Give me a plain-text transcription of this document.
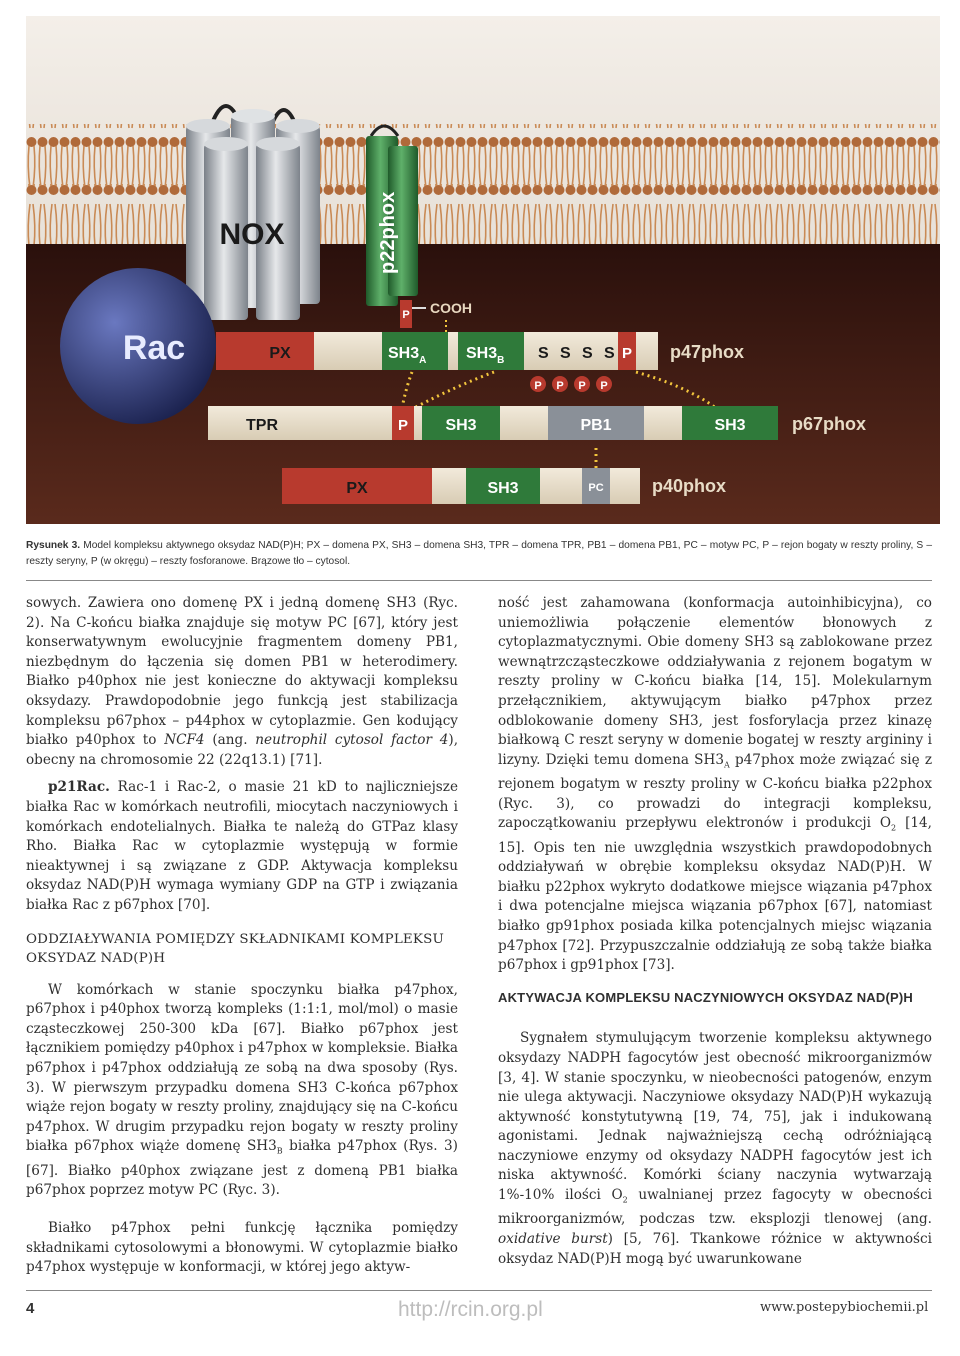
NOX	p22phox
P COOH
Rac	PX	$SH3_A$ $SH3_B$ S S S S P p47phox
P P P P
TPR	P SH3	PB1	SH3	p67phox
PX	SH3	PC	p40phox
Rysunek 3. Model kompleksu aktywnego oksydaz NAD(P)H; PX – domena PX, SH3 – domena SH3, TPR – domena TPR, PB1 – domena PB1, PC – motyw PC, P – rejon bogaty w reszty proliny, S – reszty seryny, P (w okręgu) – reszty fosforanowe. Brązowe tło – cytosol.

sowych. Zawiera ono domenę PX i jedną domenę SH3 (Ryc. 2). Na C-końcu białka znajduje się motyw PC [67], który jest konserwatywnym ewolucyjnie fragmentem domeny PB1, niezbędnym do łączenia się domen PB1 w heterodimery. Białko p40phox nie jest konieczne do aktywacji kompleksu oksydazy. Prawdopodobnie jego funkcją jest stabilizacja kompleksu p67phox – p44phox w cytoplazmie. Gen kodujący białko p40phox to NCF4 (ang. neutrophil cytosol factor 4), obecny na chromosomie 22 (22q13.1) [71].

p21Rac. Rac-1 i Rac-2, o masie 21 kD to najliczniejsze białka Rac w komórkach neutrofili, miocytach naczyniowych i komórkach endotelialnych. Białka te należą do GTPaz klasy Rho. Białka Rac w cytoplazmie występują w formie nieaktywnej i są związane z GDP. Aktywacja kompleksu oksydaz NAD(P)H wymaga wymiany GDP na GTP i związania białka Rac z p67phox [70].

ODDZIAŁYWANIA POMIĘDZY SKŁADNIKAMI KOMPLEKSU OKSYDAZ NAD(P)H

W komórkach w stanie spoczynku białka p47phox, p67phox i p40phox tworzą kompleks (1:1:1, mol/mol) o masie cząsteczkowej 250-300 kDa [67]. Białko p67phox jest łącznikiem pomiędzy p40phox i p47phox w kompleksie. Białka p67phox i p47phox oddziałują ze sobą na dwa sposoby (Rys. 3). W pierwszym przypadku domena SH3 C-końca p67phox wiąże rejon bogaty w reszty proliny, znajdujący się na C-końcu p47phox. W drugim przypadku rejon bogaty w reszty proliny białka p67phox wiąże domenę $SH3_B$ białka p47phox (Rys. 3) [67]. Białko p40phox związane jest z domeną PB1 białka p67phox poprzez motyw PC (Ryc. 3).

Białko p47phox pełni funkcję łącznika pomiędzy składnikami cytosolowymi a błonowymi. W cytoplazmie białko p47phox występuje w konformacji, w której jego aktyw-

ność jest zahamowana (konformacja autoinhibicyjna), co uniemożliwia połączenie elementów błonowych z cytoplazmatycznymi. Obie domeny SH3 są zablokowane przez wewnątrzcząsteczkowe oddziaływania z rejonem bogatym w reszty proliny w C-końcu białka [14, 15]. Molekularnym przełącznikiem, aktywującym białko p47phox przez odblokowanie domeny SH3, jest fosforylacja przez kinazę białkową C reszt seryny w domenie bogatej w reszty argininy i lizyny. Dzięki temu domena $SH3_A$ p47phox może związać się z rejonem bogatym w reszty proliny w C-końcu białka p22phox (Ryc. 3), co prowadzi do integracji kompleksu, zapoczątkowaniu przepływu elektronów i produkcji $O_2$ [14, 15]. Opis ten nie uwzględnia wszystkich prawdopodobnych oddziaływań w obrębie kompleksu oksydaz NAD(P)H. W białku p22phox wykryto dodatkowe miejsce wiązania p47phox i dwa potencjalne miejsca wiązania p67phox [67], natomiast białko gp91phox posiada kilka potencjalnych miejsc wiązania p47phox [72]. Przypuszczalnie oddziałują ze sobą także białka p67phox i gp91phox [73].

AKTYWACJA KOMPLEKSU NACZYNIOWYCH OKSYDAZ NAD(P)H

Sygnałem stymulującym tworzenie kompleksu aktywnego oksydazy NADPH fagocytów jest obecność mikroorganizmów [3, 4]. W stanie spoczynku, w nieobecności patogenów, enzym nie ulega aktywacji. Naczyniowe oksydazy NAD(P)H wykazują aktywność konstytutywną [19, 74, 75], jak i indukowaną agonistami. Jednak najważniejszą cechą odróżniającą naczyniowe enzymy od oksydazy NADPH fagocytów jest ich niska aktywność. Komórki ściany naczynia wytwarzają 1%-10% ilości $O_2$ uwalnianej przez fagocyty w obecności mikroorganizmów, podczas tzw. eksplozji tlenowej (ang. oxidative burst) [5, 76]. Tkankowe różnice w aktywności oksydaz NAD(P)H mogą być uwarunkowane

4	http://rcin.org.pl	www.postepybiochemii.pl
